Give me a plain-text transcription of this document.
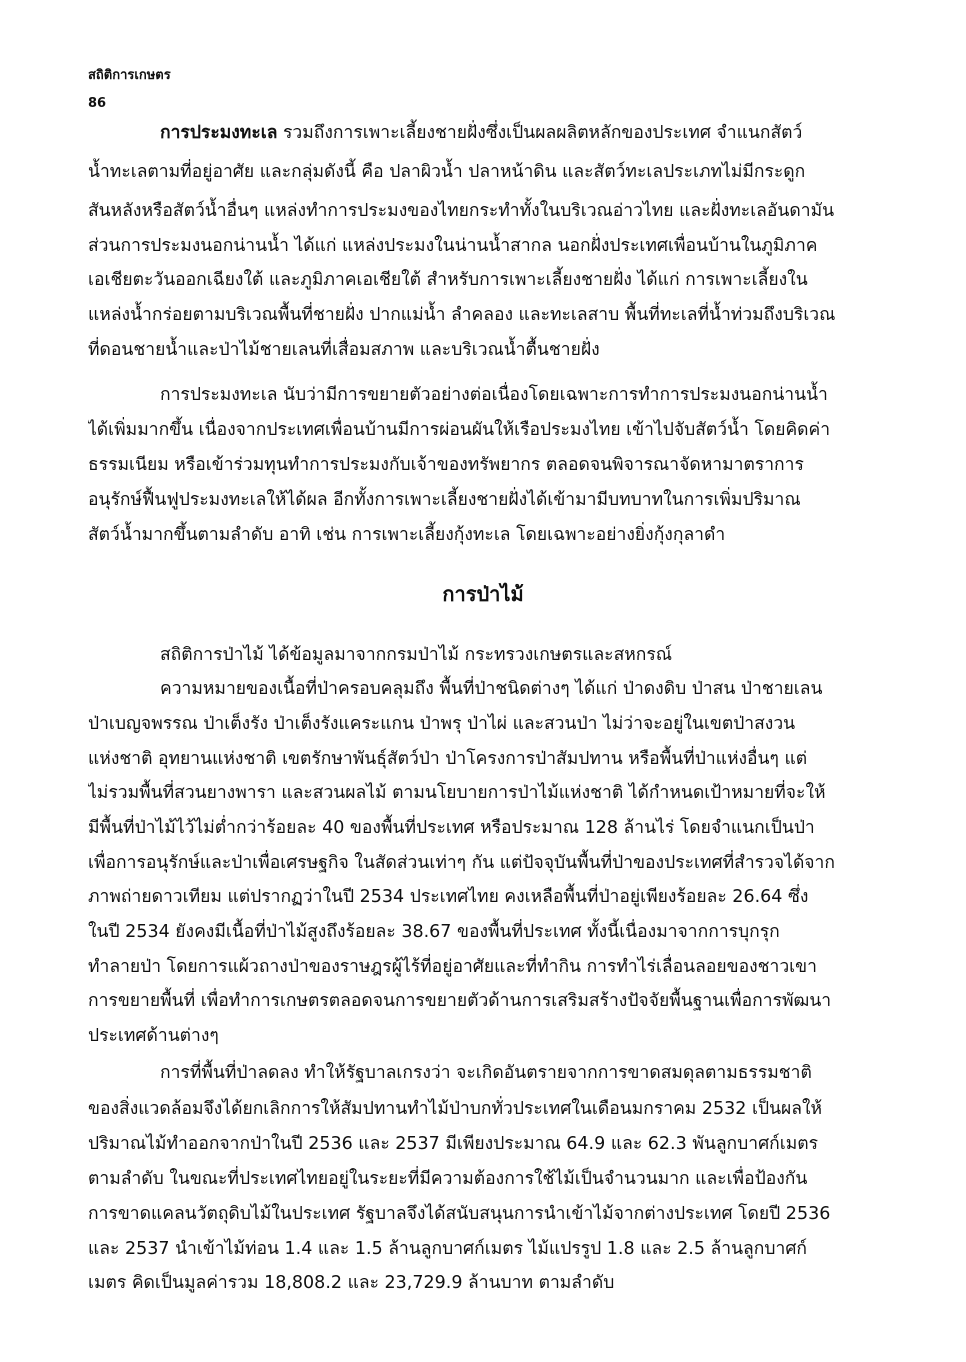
สถิติการเกษตร
86
การประมงทะเล รวมถึงการเพาะเลี้ยงชายฝั่งซึ่งเป็นผลผลิตหลักของประเทศ จำแนกสัตว์
น้ำทะเลตามที่อยู่อาศัย และกลุ่มดังนี้ คือ ปลาผิวน้ำ ปลาหน้าดิน และสัตว์ทะเลประเภทไม่มีกระดูก
สันหลังหรือสัตว์น้ำอื่นๆ แหล่งทำการประมงของไทยกระทำทั้งในบริเวณอ่าวไทย และฝั่งทะเลอันดามัน
ส่วนการประมงนอกน่านน้ำ ได้แก่ แหล่งประมงในน่านน้ำสากล นอกฝั่งประเทศเพื่อนบ้านในภูมิภาค
เอเชียตะวันออกเฉียงใต้ และภูมิภาคเอเชียใต้ สำหรับการเพาะเลี้ยงชายฝั่ง ได้แก่ การเพาะเลี้ยงใน
แหล่งน้ำกร่อยตามบริเวณพื้นที่ชายฝั่ง ปากแม่น้ำ ลำคลอง และทะเลสาบ พื้นที่ทะเลที่น้ำท่วมถึงบริเวณ
ที่ดอนชายน้ำและป่าไม้ชายเลนที่เสื่อมสภาพ และบริเวณน้ำตื้นชายฝั่ง
การประมงทะเล นับว่ามีการขยายตัวอย่างต่อเนื่องโดยเฉพาะการทำการประมงนอกน่านน้ำ
ได้เพิ่มมากขึ้น เนื่องจากประเทศเพื่อนบ้านมีการผ่อนผันให้เรือประมงไทย เข้าไปจับสัตว์น้ำ โดยคิดค่า
ธรรมเนียม หรือเข้าร่วมทุนทำการประมงกับเจ้าของทรัพยากร ตลอดจนพิจารณาจัดหามาตราการ
อนุรักษ์ฟื้นฟูประมงทะเลให้ได้ผล อีกทั้งการเพาะเลี้ยงชายฝั่งได้เข้ามามีบทบาทในการเพิ่มปริมาณ
สัตว์น้ำมากขึ้นตามลำดับ อาทิ เช่น การเพาะเลี้ยงกุ้งทะเล โดยเฉพาะอย่างยิ่งกุ้งกุลาดำ
การป่าไม้
สถิติการป่าไม้ ได้ข้อมูลมาจากกรมป่าไม้ กระทรวงเกษตรและสหกรณ์
ความหมายของเนื้อที่ป่าครอบคลุมถึง พื้นที่ป่าชนิดต่างๆ ได้แก่ ป่าดงดิบ ป่าสน ป่าชายเลน
ป่าเบญจพรรณ ป่าเต็งรัง ป่าเต็งรังแคระแกน ป่าพรุ ป่าไผ่ และสวนป่า ไม่ว่าจะอยู่ในเขตป่าสงวน
แห่งชาติ อุทยานแห่งชาติ เขตรักษาพันธุ์สัตว์ป่า ป่าโครงการป่าสัมปทาน หรือพื้นที่ป่าแห่งอื่นๆ แต่
ไม่รวมพื้นที่สวนยางพารา และสวนผลไม้ ตามนโยบายการป่าไม้แห่งชาติ ได้กำหนดเป้าหมายที่จะให้
มีพื้นที่ป่าไม้ไว้ไม่ต่ำกว่าร้อยละ 40 ของพื้นที่ประเทศ หรือประมาณ 128 ล้านไร่ โดยจำแนกเป็นป่า
เพื่อการอนุรักษ์และป่าเพื่อเศรษฐกิจ ในสัดส่วนเท่าๆ กัน แต่ปัจจุบันพื้นที่ป่าของประเทศที่สำรวจได้จาก
ภาพถ่ายดาวเทียม แต่ปรากฏว่าในปี 2534 ประเทศไทย คงเหลือพื้นที่ป่าอยู่เพียงร้อยละ 26.64 ซึ่ง
ในปี 2534 ยังคงมีเนื้อที่ป่าไม้สูงถึงร้อยละ 38.67 ของพื้นที่ประเทศ ทั้งนี้เนื่องมาจากการบุกรุก
ทำลายป่า โดยการแผ้วถางป่าของราษฎรผู้ไร้ที่อยู่อาศัยและที่ทำกิน การทำไร่เลื่อนลอยของชาวเขา
การขยายพื้นที่ เพื่อทำการเกษตรตลอดจนการขยายตัวด้านการเสริมสร้างปัจจัยพื้นฐานเพื่อการพัฒนา
ประเทศด้านต่างๆ
การที่พื้นที่ป่าลดลง ทำให้รัฐบาลเกรงว่า จะเกิดอันตรายจากการขาดสมดุลตามธรรมชาติ
ของสิ่งแวดล้อมจึงได้ยกเลิกการให้สัมปทานทำไม้ป่าบกทั่วประเทศในเดือนมกราคม 2532 เป็นผลให้
ปริมาณไม้ทำออกจากป่าในปี 2536 และ 2537 มีเพียงประมาณ 64.9 และ 62.3 พันลูกบาศก์เมตร
ตามลำดับ ในขณะที่ประเทศไทยอยู่ในระยะที่มีความต้องการใช้ไม้เป็นจำนวนมาก และเพื่อป้องกัน
การขาดแคลนวัตถุดิบไม้ในประเทศ รัฐบาลจึงได้สนับสนุนการนำเข้าไม้จากต่างประเทศ โดยปี 2536
และ 2537 นำเข้าไม้ท่อน 1.4 และ 1.5 ล้านลูกบาศก์เมตร ไม้แปรรูป 1.8 และ 2.5 ล้านลูกบาศก์
เมตร คิดเป็นมูลค่ารวม 18,808.2 และ 23,729.9 ล้านบาท ตามลำดับ
